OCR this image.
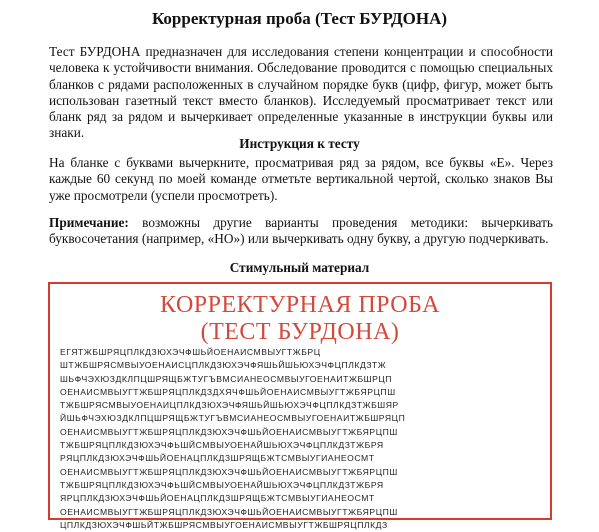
Корректурная проба (Тест БУРДОНА)

Тест БУРДОНА предназначен для исследования степени концентрации и способности человека к устойчивости внимания. Обследование проводится с помощью специальных бланков с рядами расположенных в случайном порядке букв (цифр, фигур, может быть использован газетный текст вместо бланков). Исследуемый просматривает текст или бланк ряд за рядом и вычеркивает определенные указанные в инструкции буквы или знаки.

Инструкция к тесту

На бланке с буквами вычеркните, просматривая ряд за рядом, все буквы «Е». Через каждые 60 секунд по моей команде отметьте вертикальной чертой, сколько знаков Вы уже просмотрели (успели просмотреть).

Примечание: возможны другие варианты проведения методики: вычеркивать буквосочетания (например, «НО») или вычеркивать одну букву, а другую подчеркивать.

Стимульный материал
КОРРЕКТУРНАЯ ПРОБА
(ТЕСТ БУРДОНА)
ЕГЯТЖБШРЯЦПЛКДЗЮХЭЧФШЬЙОЕНАИСМВЫУГТЖБРЦ
ШТЖБШРЯСМВЫУОЕНАИСЦПЛКДЗЮХЭЧФЯШЬЙШЬЮХЭЧФЦПЛКДЗТЖ
ШЬФЧЭХЮЗДКЛПЦШРЯЩБЖТУГЪВМСИАНЕОСМВЫУГОЕНАИТЖБШРЦП
ОЕНАИСМВЫУГТЖБШРЯЦПЛКДЗДХЯЧФШЬЙОЕНАИСМВЫУГТЖБЯРЦПШ
ТЖБШРЯСМВЫУОЕНАИЦПЛКДЗЮХЭЧФЯШЬЙШЬЮХЭЧФЦПЛКДЗТЖБШЯР
ЙШЬФЧЭХЮЗДКЛПЦШРЯЩБЖТУГЪВМСИАНЕОСМВЫУГОЕНАИТЖБШРЯЦП
ОЕНАИСМВЫУГТЖБШРЯЦПЛКДЗЮХЭЧФШЬЙОЕНАИСМВЫУГТЖБЯРЦПШ
ТЖБШРЯЦПЛКДЗЮХЭЧФЬШЙСМВЫУОЕНАЙШЬЮХЭЧФЦПЛКДЗТЖБРЯ
РЯЦПЛКДЗЮХЭЧФШЬЙОЕНАЦПЛКДЗШРЯЩБЖТСМВЫУГИАНЕОСМТ
ОЕНАИСМВЫУГТЖБШРЯЦПЛКДЗЮХЭЧФШЬЙОЕНАИСМВЫУГТЖБЯРЦПШ
ТЖБШРЯЦПЛКДЗЮХЭЧФЬШЙСМВЫУОЕНАЙШЬЮХЭЧФЦПЛКДЗТЖБРЯ
ЯРЦПЛКДЗЮХЭЧФШЬЙОЕНАЦПЛКДЗШРЯЩБЖТСМВЫУГИАНЕОСМТ
ОЕНАИСМВЫУГТЖБШРЯЦПЛКДЗЮХЭЧФШЬЙОЕНАИСМВЫУГТЖБЯРЦПШ
ЦПЛКДЗЮХЭЧФШЬЙТЖБШРЯСМВЫУГОЕНАИСМВЫУГТЖБШРЯЦПЛКДЗ
